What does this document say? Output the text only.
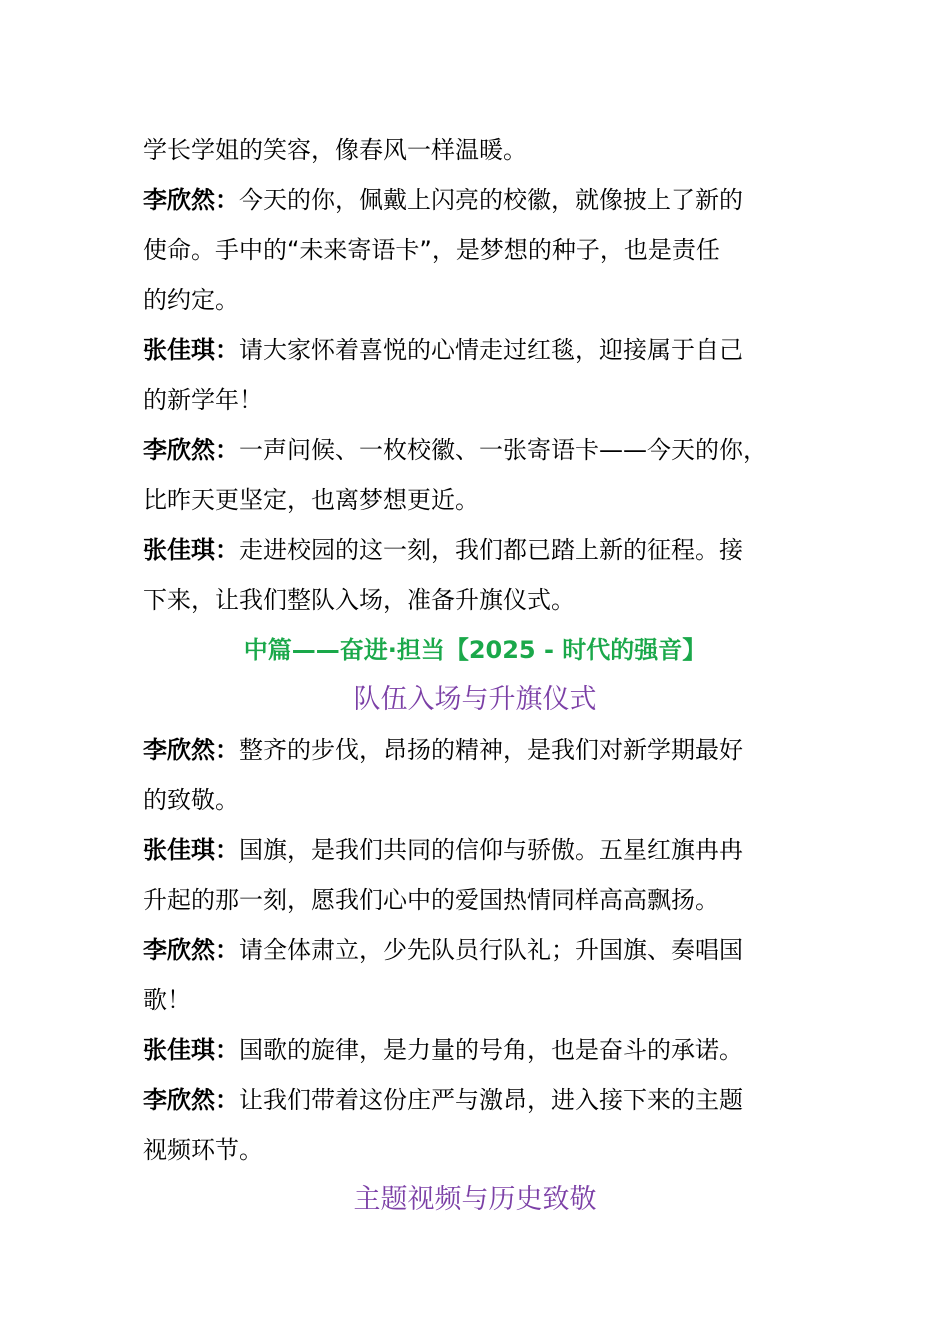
学长学姐的笑容，像春风一样温暖。
李欣然：今天的你，佩戴上闪亮的校徽，就像披上了新的
使命。手中的“未来寄语卡”，是梦想的种子，也是责任
的约定。
张佳琪：请大家怀着喜悦的心情走过红毯，迎接属于自己
的新学年！
李欣然：一声问候、一枚校徽、一张寄语卡——今天的你，
比昨天更坚定，也离梦想更近。
张佳琪：走进校园的这一刻，我们都已踏上新的征程。接
下来，让我们整队入场，准备升旗仪式。
中篇——奋进·担当【2025 - 时代的强音】
队伍入场与升旗仪式
李欣然：整齐的步伐，昂扬的精神，是我们对新学期最好
的致敬。
张佳琪：国旗，是我们共同的信仰与骄傲。五星红旗冉冉
升起的那一刻，愿我们心中的爱国热情同样高高飘扬。
李欣然：请全体肃立，少先队员行队礼；升国旗、奏唱国
歌！
张佳琪：国歌的旋律，是力量的号角，也是奋斗的承诺。
李欣然：让我们带着这份庄严与激昂，进入接下来的主题
视频环节。
主题视频与历史致敬
